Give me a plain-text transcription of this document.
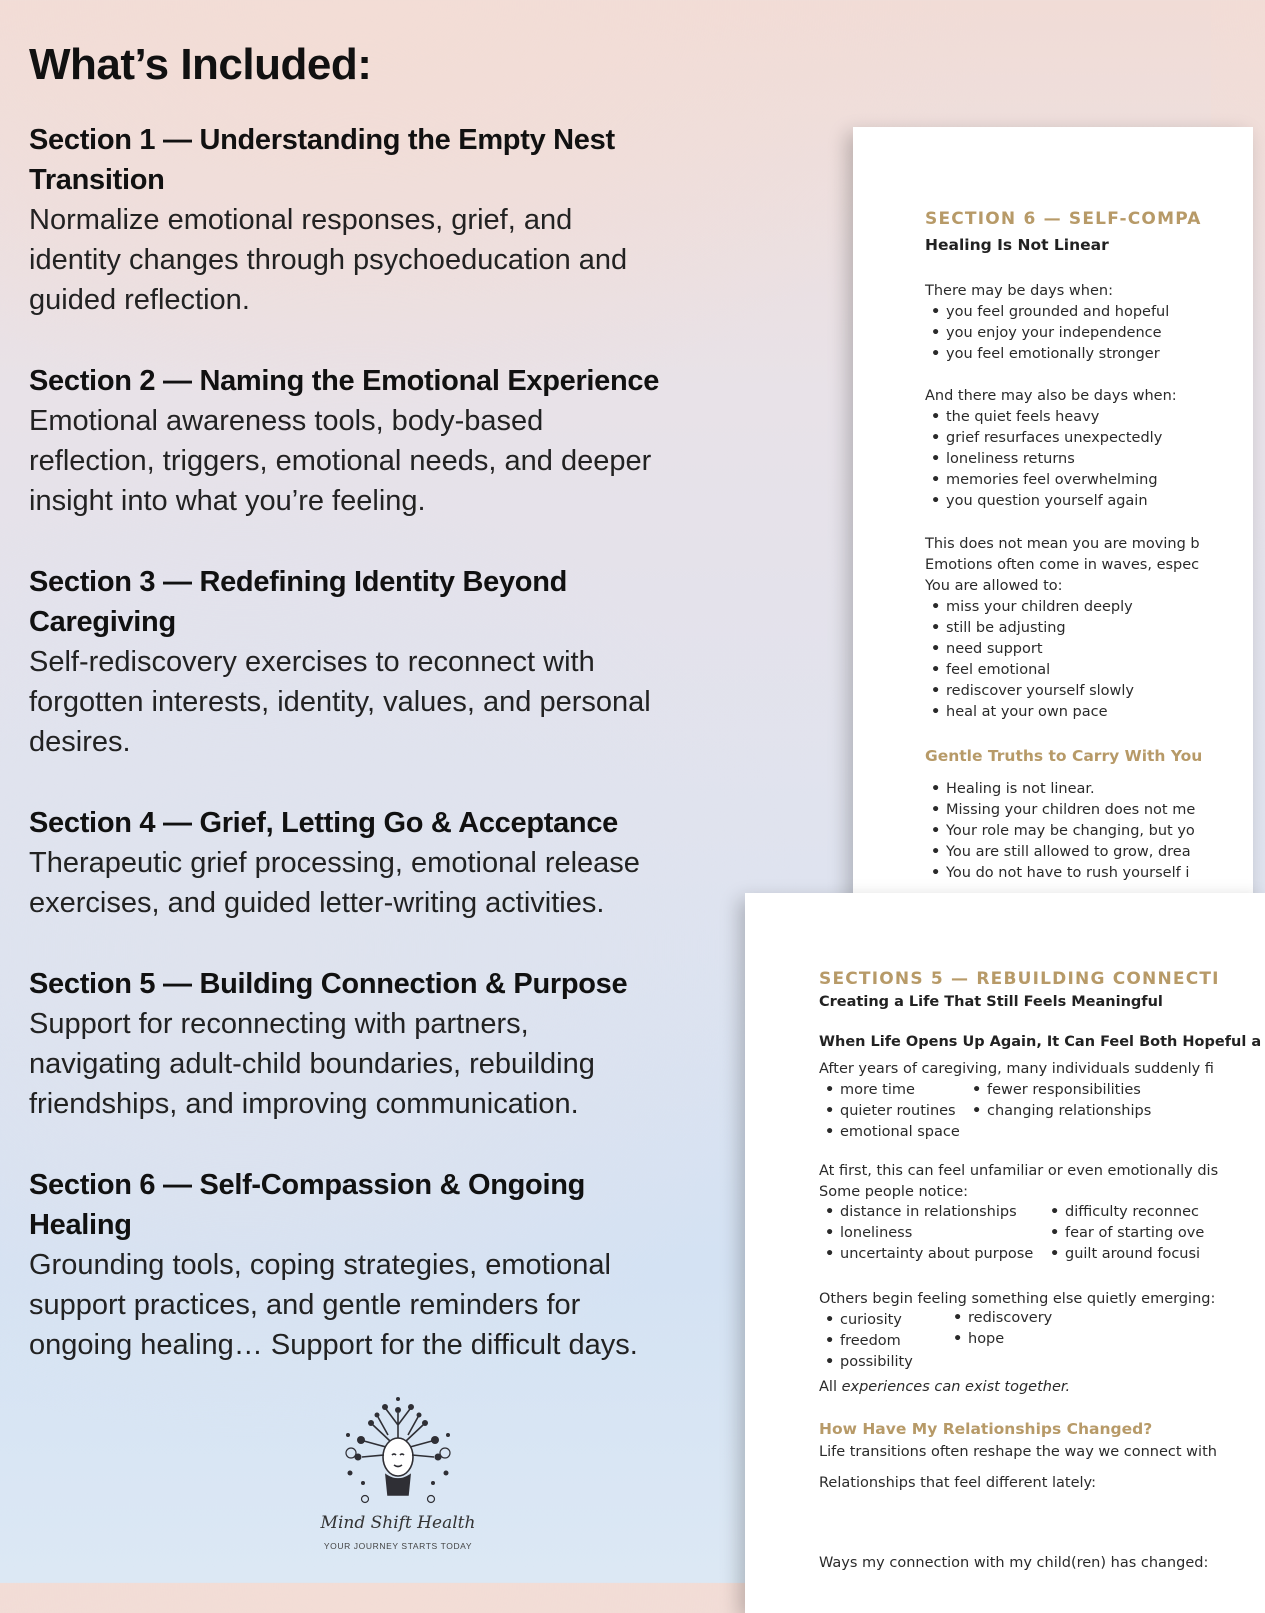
What’s Included:
Section 1 — Understanding the Empty Nest
Transition
Normalize emotional responses, grief, and
identity changes through psychoeducation and
guided reflection.
Section 2 — Naming the Emotional Experience
Emotional awareness tools, body-based
reflection, triggers, emotional needs, and deeper
insight into what you’re feeling.
Section 3 — Redefining Identity Beyond
Caregiving
Self-rediscovery exercises to reconnect with
forgotten interests, identity, values, and personal
desires.
Section 4 — Grief, Letting Go & Acceptance
Therapeutic grief processing, emotional release
exercises, and guided letter-writing activities.
Section 5 — Building Connection & Purpose
Support for reconnecting with partners,
navigating adult-child boundaries, rebuilding
friendships, and improving communication.
Section 6 — Self-Compassion & Ongoing
Healing
Grounding tools, coping strategies, emotional
support practices, and gentle reminders for
ongoing healing… Support for the difficult days.
SECTION 6 — SELF-COMPA
Healing Is Not Linear
There may be days when:
• you feel grounded and hopeful
• you enjoy your independence
• you feel emotionally stronger
And there may also be days when:
• the quiet feels heavy
• grief resurfaces unexpectedly
• loneliness returns
• memories feel overwhelming
• you question yourself again
This does not mean you are moving b
Emotions often come in waves, espec
You are allowed to:
• miss your children deeply
• still be adjusting
• need support
• feel emotional
• rediscover yourself slowly
• heal at your own pace
Gentle Truths to Carry With You
• Healing is not linear.
• Missing your children does not me
• Your role may be changing, but yo
• You are still allowed to grow, drea
• You do not have to rush yourself i
SECTIONS 5 — REBUILDING CONNECTI
Creating a Life That Still Feels Meaningful
When Life Opens Up Again, It Can Feel Both Hopeful a
After years of caregiving, many individuals suddenly fi
• more time
• quieter routines
• emotional space
• fewer responsibilities
• changing relationships
At first, this can feel unfamiliar or even emotionally dis
Some people notice:
• distance in relationships
• loneliness
• uncertainty about purpose
• difficulty reconnec
• fear of starting ove
• guilt around focusi
Others begin feeling something else quietly emerging:
• curiosity
• freedom
• possibility
• rediscovery
• hope
All experiences can exist together.
How Have My Relationships Changed?
Life transitions often reshape the way we connect with
Relationships that feel different lately:
Ways my connection with my child(ren) has changed:
Mind Shift Health
YOUR JOURNEY STARTS TODAY
